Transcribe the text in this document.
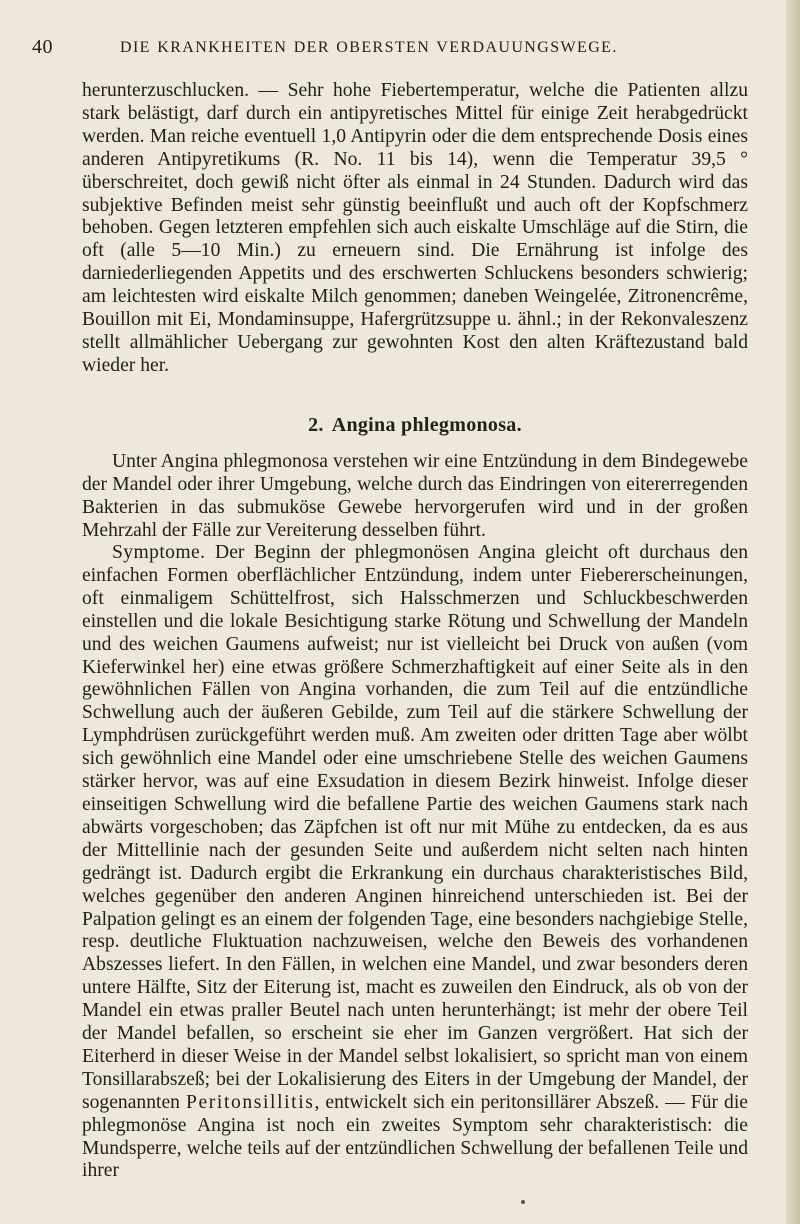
40	DIE KRANKHEITEN DER OBERSTEN VERDAUUNGSWEGE.

herunterzuschlucken. — Sehr hohe Fiebertemperatur, welche die Patienten allzu stark belästigt, darf durch ein antipyretisches Mittel für einige Zeit herabgedrückt werden. Man reiche eventuell 1,0 Antipyrin oder die dem entsprechende Dosis eines anderen Antipyretikums (R. No. 11 bis 14), wenn die Temperatur 39,5 ° überschreitet, doch gewiß nicht öfter als einmal in 24 Stunden. Dadurch wird das subjektive Befinden meist sehr günstig beeinflußt und auch oft der Kopfschmerz behoben. Gegen letzteren empfehlen sich auch eiskalte Umschläge auf die Stirn, die oft (alle 5—10 Min.) zu erneuern sind. Die Ernährung ist infolge des darniederliegenden Appetits und des erschwerten Schluckens besonders schwierig; am leichtesten wird eiskalte Milch genommen; daneben Weingelée, Zitronencrême, Bouillon mit Ei, Mondaminsuppe, Hafergrützsuppe u. ähnl.; in der Rekonvaleszenz stellt allmählicher Uebergang zur gewohnten Kost den alten Kräftezustand bald wieder her.

2. Angina phlegmonosa.

Unter Angina phlegmonosa verstehen wir eine Entzündung in dem Bindegewebe der Mandel oder ihrer Umgebung, welche durch das Eindringen von eitererregenden Bakterien in das submuköse Gewebe hervorgerufen wird und in der großen Mehrzahl der Fälle zur Vereiterung desselben führt.

Symptome. Der Beginn der phlegmonösen Angina gleicht oft durchaus den einfachen Formen oberflächlicher Entzündung, indem unter Fiebererscheinungen, oft einmaligem Schüttelfrost, sich Halsschmerzen und Schluckbeschwerden einstellen und die lokale Besichtigung starke Rötung und Schwellung der Mandeln und des weichen Gaumens aufweist; nur ist vielleicht bei Druck von außen (vom Kieferwinkel her) eine etwas größere Schmerzhaftigkeit auf einer Seite als in den gewöhnlichen Fällen von Angina vorhanden, die zum Teil auf die entzündliche Schwellung auch der äußeren Gebilde, zum Teil auf die stärkere Schwellung der Lymphdrüsen zurückgeführt werden muß. Am zweiten oder dritten Tage aber wölbt sich gewöhnlich eine Mandel oder eine umschriebene Stelle des weichen Gaumens stärker hervor, was auf eine Exsudation in diesem Bezirk hinweist. Infolge dieser einseitigen Schwellung wird die befallene Partie des weichen Gaumens stark nach abwärts vorgeschoben; das Zäpfchen ist oft nur mit Mühe zu entdecken, da es aus der Mittellinie nach der gesunden Seite und außerdem nicht selten nach hinten gedrängt ist. Dadurch ergibt die Erkrankung ein durchaus charakteristisches Bild, welches gegenüber den anderen Anginen hinreichend unterschieden ist. Bei der Palpation gelingt es an einem der folgenden Tage, eine besonders nachgiebige Stelle, resp. deutliche Fluktuation nachzuweisen, welche den Beweis des vorhandenen Abszesses liefert. In den Fällen, in welchen eine Mandel, und zwar besonders deren untere Hälfte, Sitz der Eiterung ist, macht es zuweilen den Eindruck, als ob von der Mandel ein etwas praller Beutel nach unten herunterhängt; ist mehr der obere Teil der Mandel befallen, so erscheint sie eher im Ganzen vergrößert. Hat sich der Eiterherd in dieser Weise in der Mandel selbst lokalisiert, so spricht man von einem Tonsillarabszeß; bei der Lokalisierung des Eiters in der Umgebung der Mandel, der sogenannten Peritonsillitis, entwickelt sich ein peritonsillärer Abszeß. — Für die phlegmonöse Angina ist noch ein zweites Symptom sehr charakteristisch: die Mundsperre, welche teils auf der entzündlichen Schwellung der befallenen Teile und ihrer
